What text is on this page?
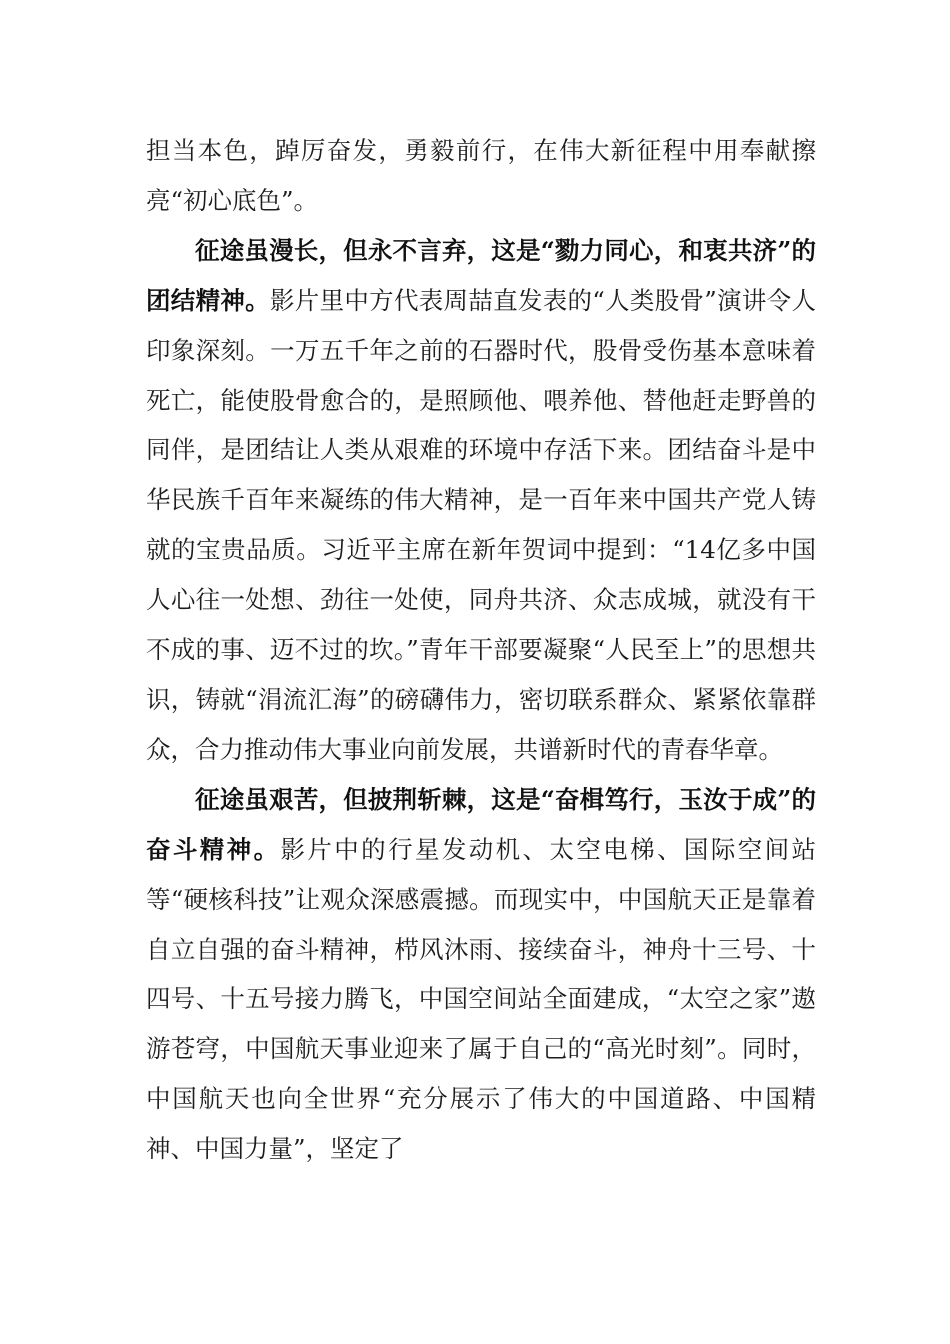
担当本色，踔厉奋发，勇毅前行，在伟大新征程中用奉献擦亮“初心底色”。

征途虽漫长，但永不言弃，这是“勠力同心，和衷共济”的团结精神。影片里中方代表周喆直发表的“人类股骨”演讲令人印象深刻。一万五千年之前的石器时代，股骨受伤基本意味着死亡，能使股骨愈合的，是照顾他、喂养他、替他赶走野兽的同伴，是团结让人类从艰难的环境中存活下来。团结奋斗是中华民族千百年来凝练的伟大精神，是一百年来中国共产党人铸就的宝贵品质。习近平主席在新年贺词中提到：“14亿多中国人心往一处想、劲往一处使，同舟共济、众志成城，就没有干不成的事、迈不过的坎。”青年干部要凝聚“人民至上”的思想共识，铸就“涓流汇海”的磅礴伟力，密切联系群众、紧紧依靠群众，合力推动伟大事业向前发展，共谱新时代的青春华章。

征途虽艰苦，但披荆斩棘，这是“奋楫笃行，玉汝于成”的奋斗精神。影片中的行星发动机、太空电梯、国际空间站等“硬核科技”让观众深感震撼。而现实中，中国航天正是靠着自立自强的奋斗精神，栉风沐雨、接续奋斗，神舟十三号、十四号、十五号接力腾飞，中国空间站全面建成，“太空之家”遨游苍穹，中国航天事业迎来了属于自己的“高光时刻”。同时，中国航天也向全世界“充分展示了伟大的中国道路、中国精神、中国力量”，坚定了
